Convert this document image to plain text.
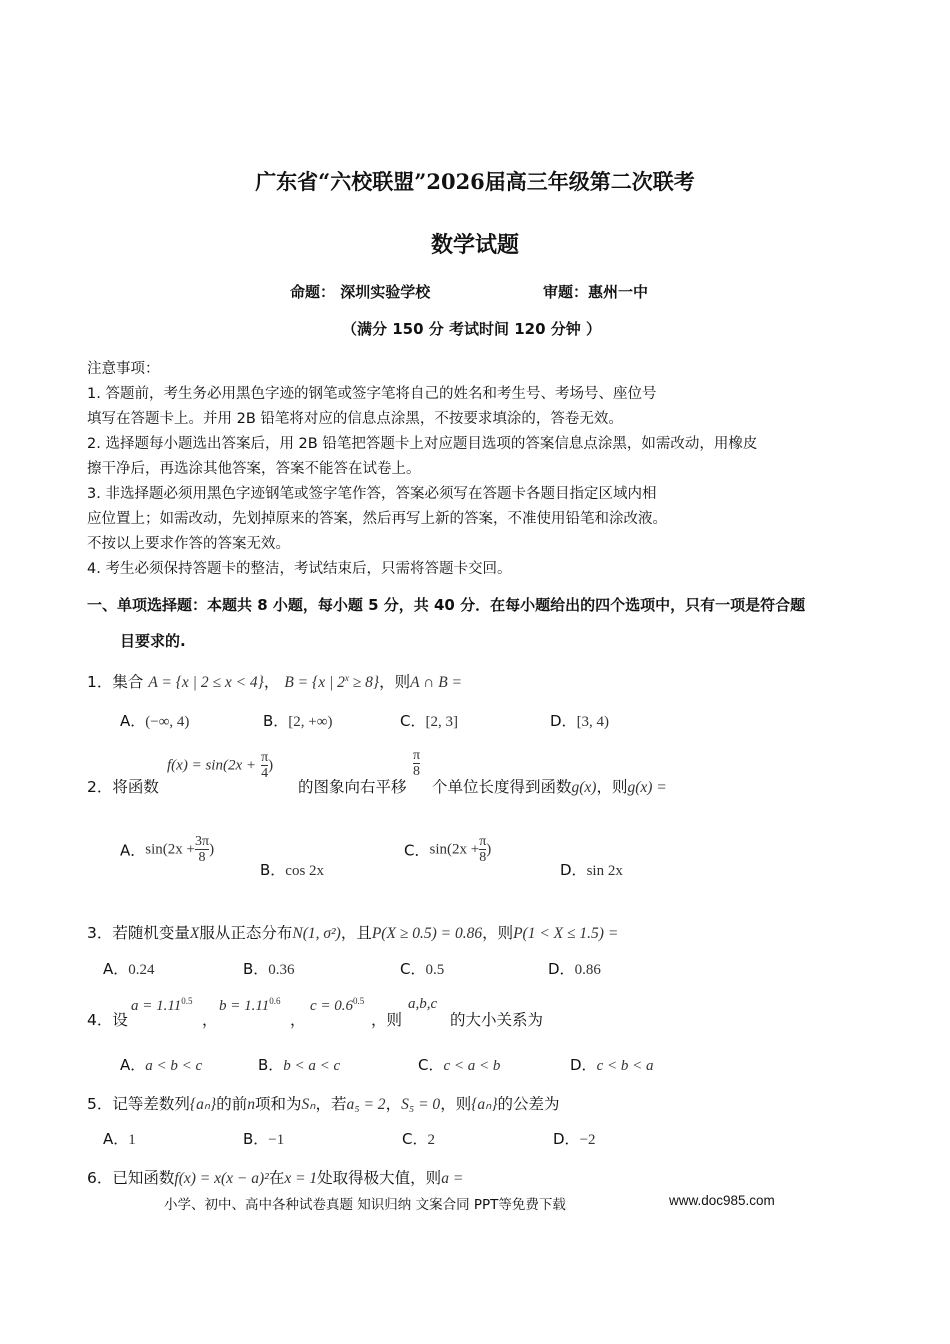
广东省“六校联盟”2026届高三年级第二次联考
数学试题
命题： 深圳实验学校	审题：惠州一中
（满分 150 分 考试时间 120 分钟 ）
注意事项：
1. 答题前，考生务必用黑色字迹的钢笔或签字笔将自己的姓名和考生号、考场号、座位号
填写在答题卡上。并用 2B 铅笔将对应的信息点涂黑，不按要求填涂的，答卷无效。
2. 选择题每小题选出答案后，用 2B 铅笔把答题卡上对应题目选项的答案信息点涂黑，如需改动，用橡皮
擦干净后，再选涂其他答案，答案不能答在试卷上。
3. 非选择题必须用黑色字迹钢笔或签字笔作答，答案必须写在答题卡各题目指定区域内相
应位置上；如需改动，先划掉原来的答案，然后再写上新的答案，不准使用铅笔和涂改液。
不按以上要求作答的答案无效。
4. 考生必须保持答题卡的整洁，考试结束后，只需将答题卡交回。
一、单项选择题：本题共 8 小题，每小题 5 分，共 40 分．在每小题给出的四个选项中，只有一项是符合题
目要求的.
1．集合 A = {x | 2 ≤ x < 4}， B = {x | $2^x \ge 8$}，则A ∩ B =
A．(−∞, 4)	B．[2, +∞)	C．[2, 3]	D．[3, 4)
2．将函数
$f(x) = \sin(2x + \frac{\pi}{4}$ )
的图象向右平移
$\frac{\pi}{8}$
个单位长度得到函数g(x)，则g(x) =
A．$\sin(2x + \frac{3\pi}{8}$ )
B．cos 2x
C．$\sin(2x + \frac{\pi}{8}$ )
D．sin 2x
3．若随机变量X服从正态分布N(1, σ²)，且P(X ≥ 0.5) = 0.86，则P(1 < X ≤ 1.5) =
A．0.24	B．0.36	C．0.5	D．0.86
4．设
$a = 1.11^{0.5}$
，
$b = 1.11^{0.6}$
，
$c = 0.6^{0.5}$
，则
a,b,c
的大小关系为
A．a < b < c	B．b < a < c	C．c < a < b	D．c < b < a
5．记等差数列{aₙ}的前n项和为Sₙ，若a₅ = 2，S₅ = 0，则{aₙ}的公差为
A．1	B．−1	C．2	D．−2
6．已知函数f(x) = x(x − a)²在x = 1处取得极大值，则a =
小学、初中、高中各种试卷真题 知识归纳 文案合同 PPT等免费下载	www.doc985.com
